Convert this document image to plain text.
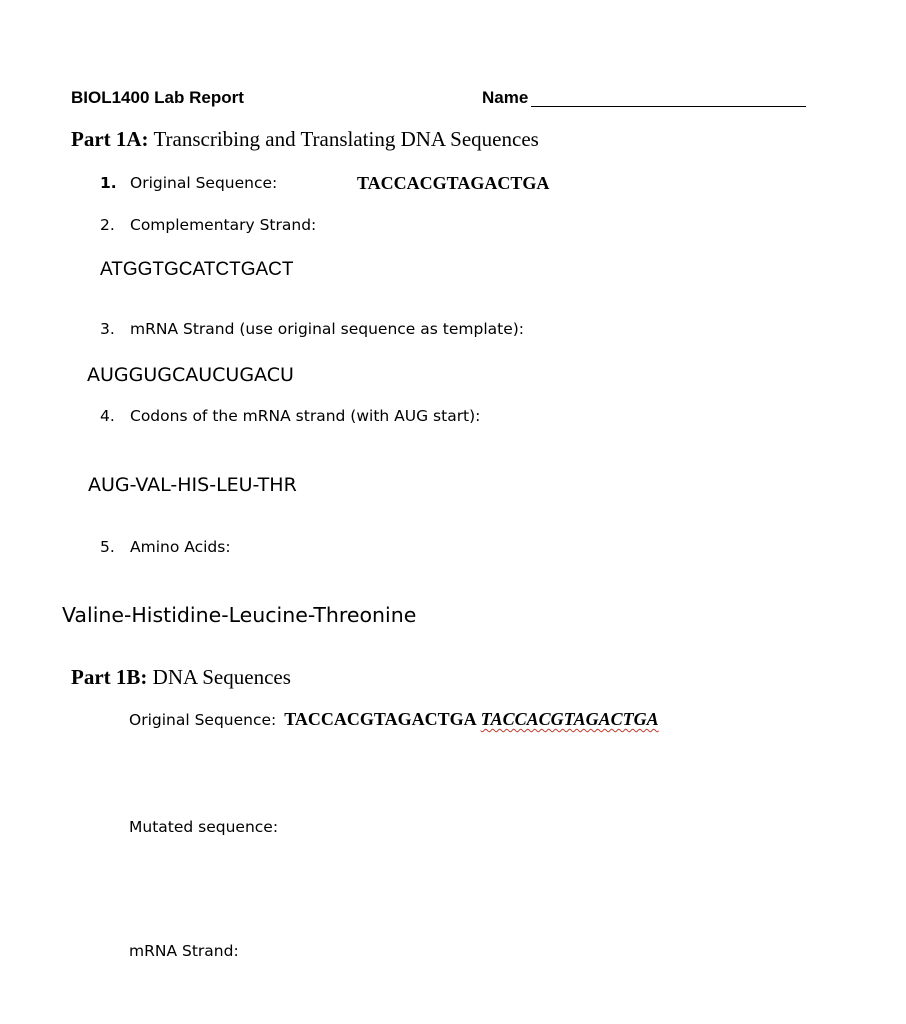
BIOL1400 Lab Report	Name
Part 1A: Transcribing and Translating DNA Sequences
1. Original Sequence:	TACCACGTAGACTGA
2. Complementary Strand:
ATGGTGCATCTGACT
3. mRNA Strand (use original sequence as template):
AUGGUGCAUCUGACU
4. Codons of the mRNA strand (with AUG start):
AUG-VAL-HIS-LEU-THR
5. Amino Acids:
Valine-Histidine-Leucine-Threonine
Part 1B: DNA Sequences
Original Sequence: TACCACGTAGACTGA TACCACGTAGACTGA
Mutated sequence:
mRNA Strand:
